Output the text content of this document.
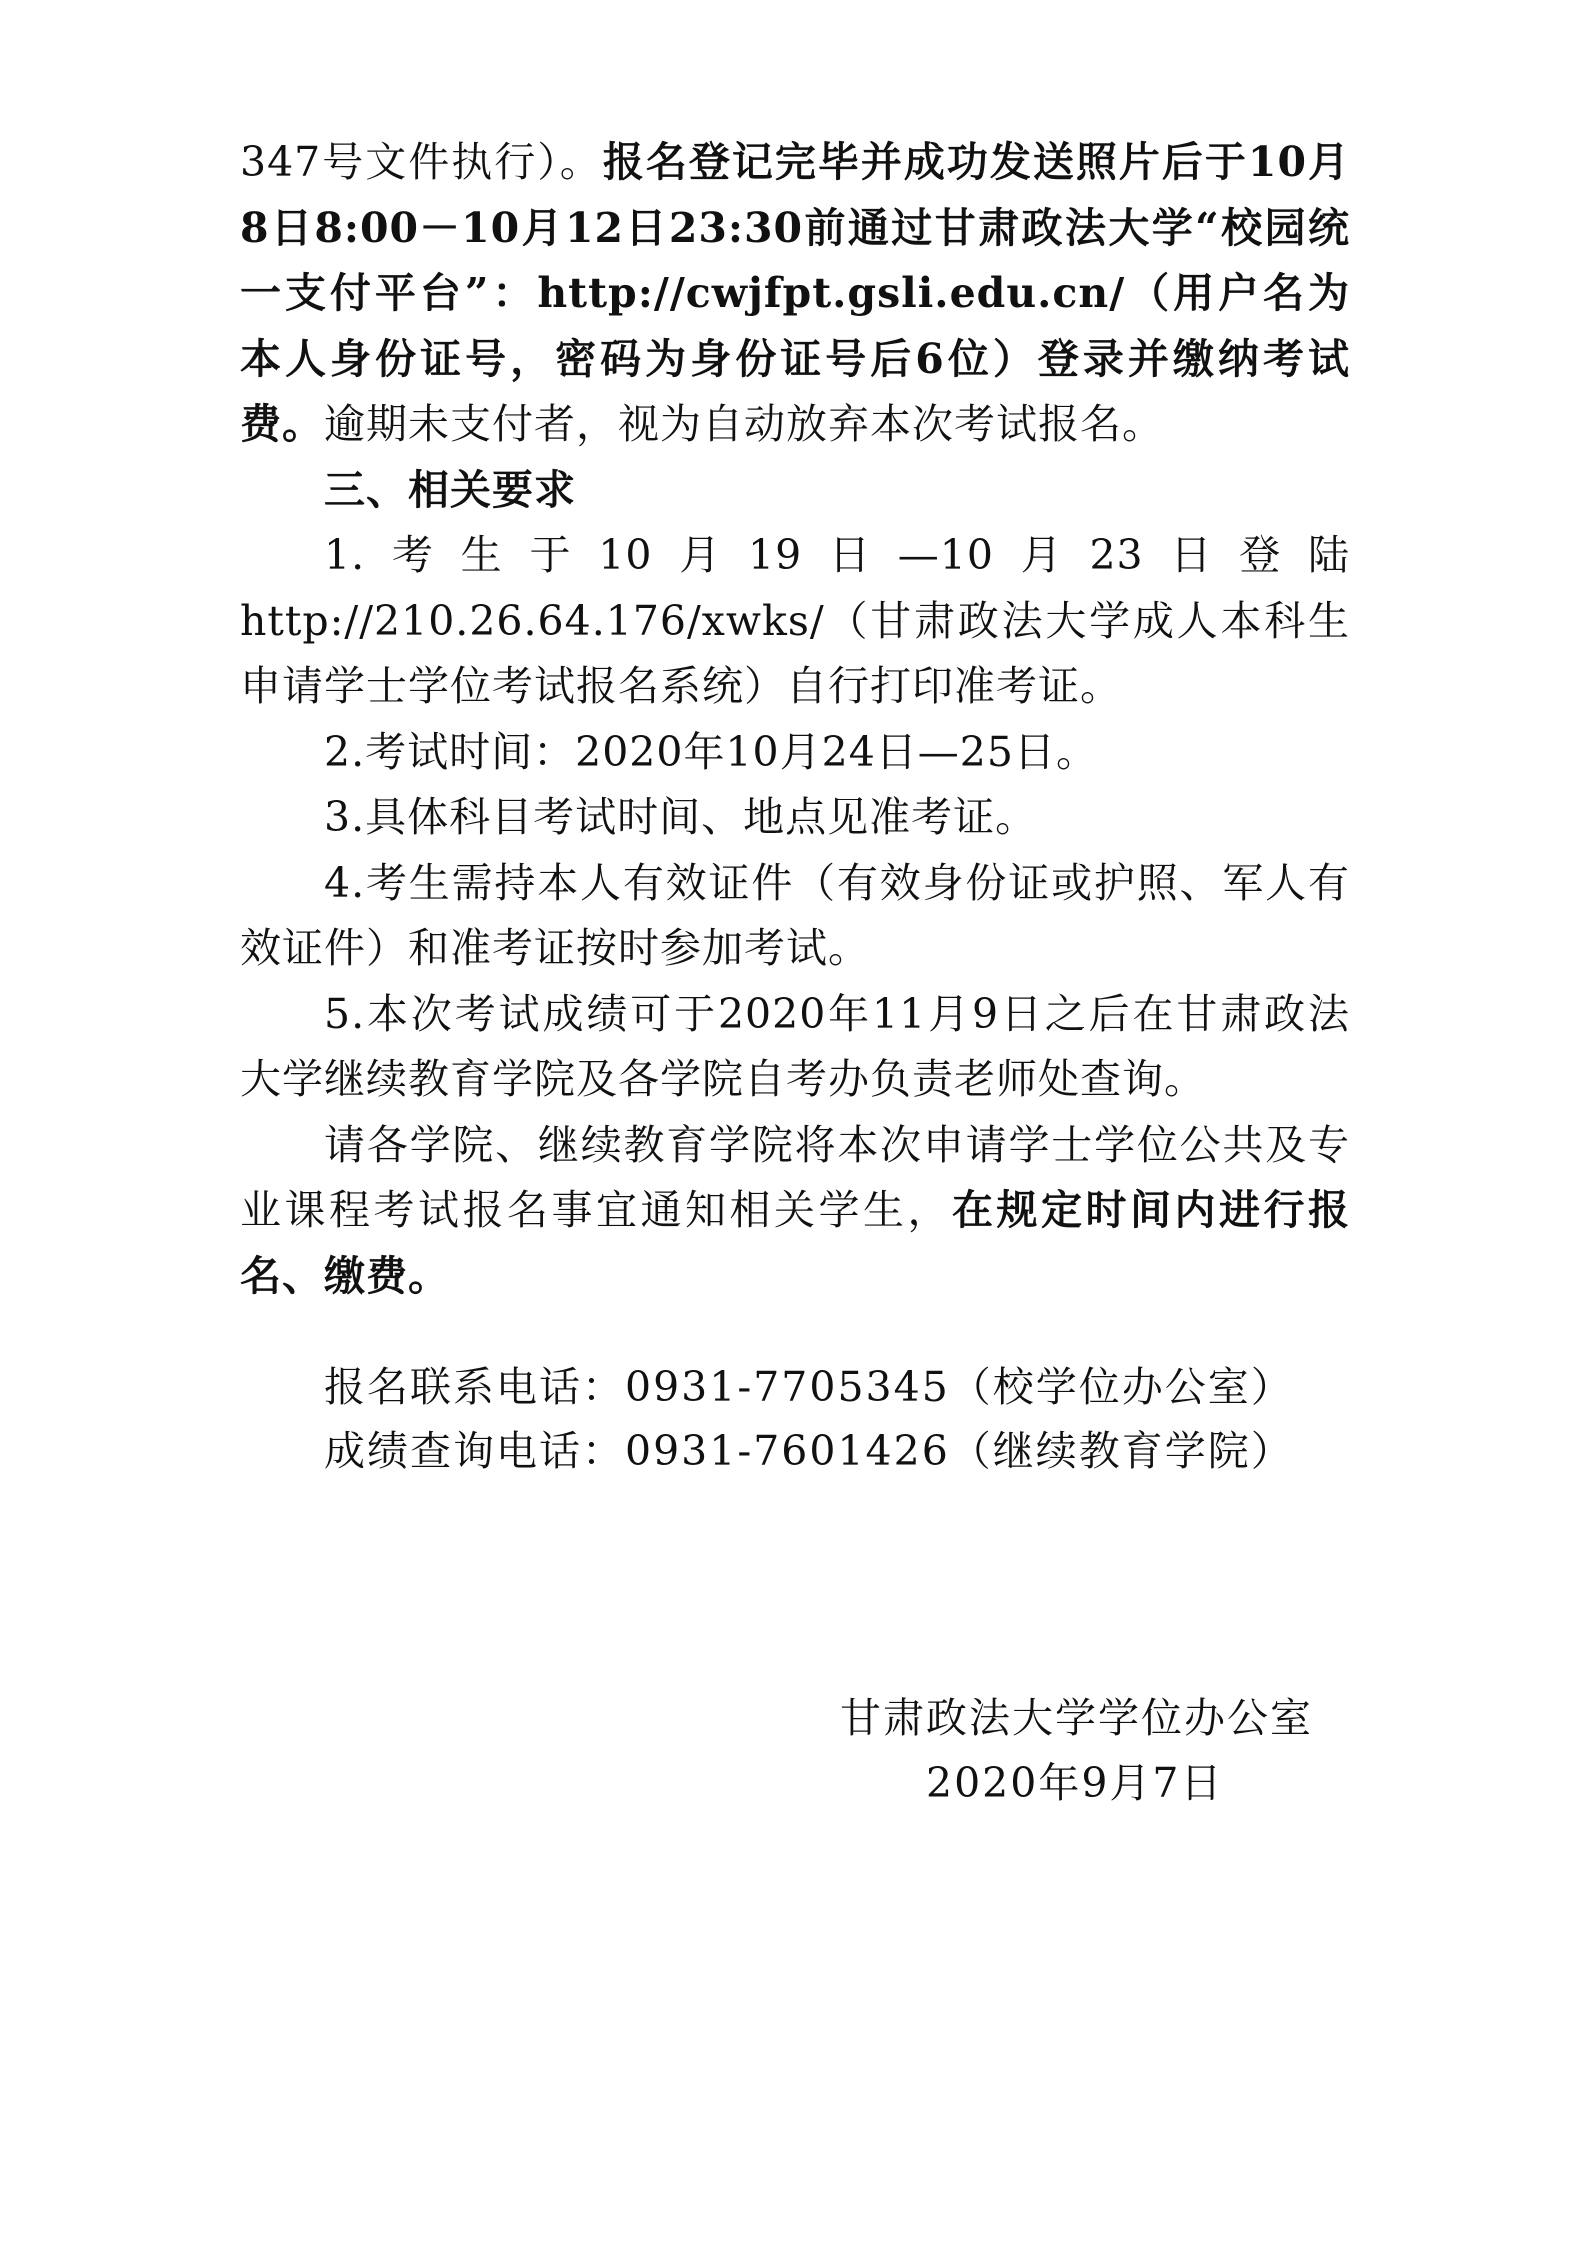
347号文件执行）。报名登记完毕并成功发送照片后于10月8日8:00－10月12日23:30前通过甘肃政法大学“校园统一支付平台”：http://cwjfpt.gsli.edu.cn/（用户名为本人身份证号，密码为身份证号后6位）登录并缴纳考试费。逾期未支付者，视为自动放弃本次考试报名。

三、相关要求

1.考生于10月19日—10月23日登陆http://210.26.64.176/xwks/（甘肃政法大学成人本科生申请学士学位考试报名系统）自行打印准考证。

2.考试时间：2020年10月24日—25日。

3.具体科目考试时间、地点见准考证。

4.考生需持本人有效证件（有效身份证或护照、军人有效证件）和准考证按时参加考试。

5.本次考试成绩可于2020年11月9日之后在甘肃政法大学继续教育学院及各学院自考办负责老师处查询。

请各学院、继续教育学院将本次申请学士学位公共及专业课程考试报名事宜通知相关学生，在规定时间内进行报名、缴费。

报名联系电话：0931-7705345（校学位办公室）

成绩查询电话：0931-7601426（继续教育学院）

甘肃政法大学学位办公室

2020年9月7日
